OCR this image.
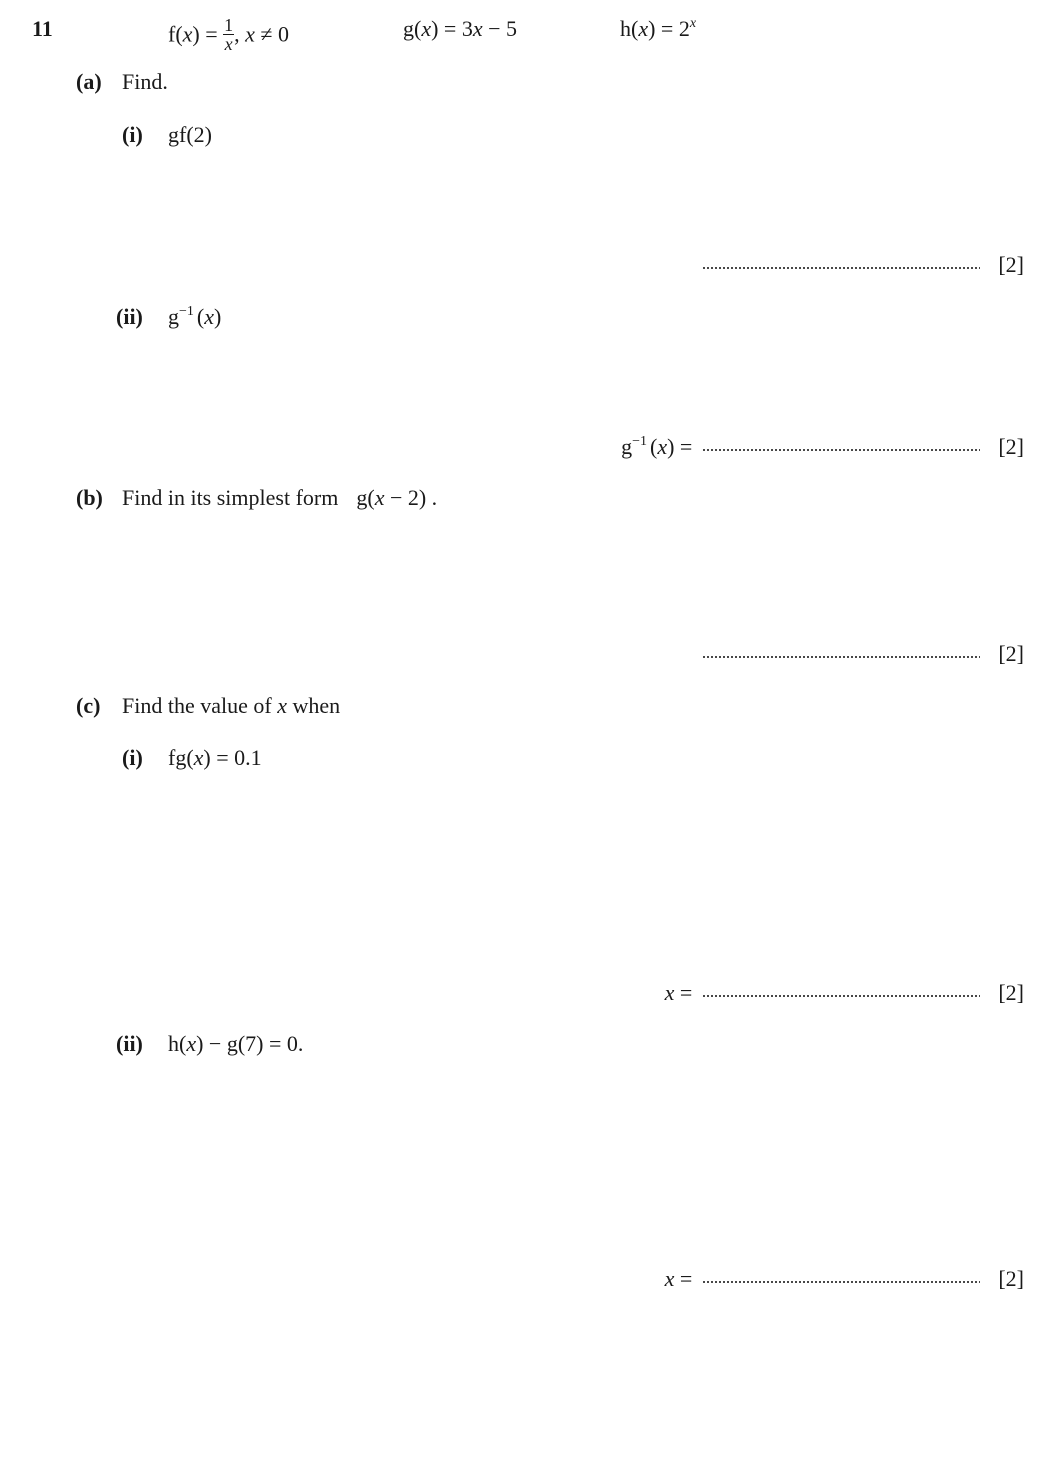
11	$f(x) = \frac{1}{x}$ , x ≠ 0	g(x) = 3x − 5	$h(x) = 2^x$
(a) Find.
(i) gf(2)
[2]
(ii) $g^{-1}$ (x)
$g^{-1}$ (x) =	[2]
(b) Find in its simplest form g(x − 2) .
[2]
(c) Find the value of x when
(i) fg(x) = 0.1
x =	[2]
(ii) h(x) − g(7) = 0.
x =	[2]
